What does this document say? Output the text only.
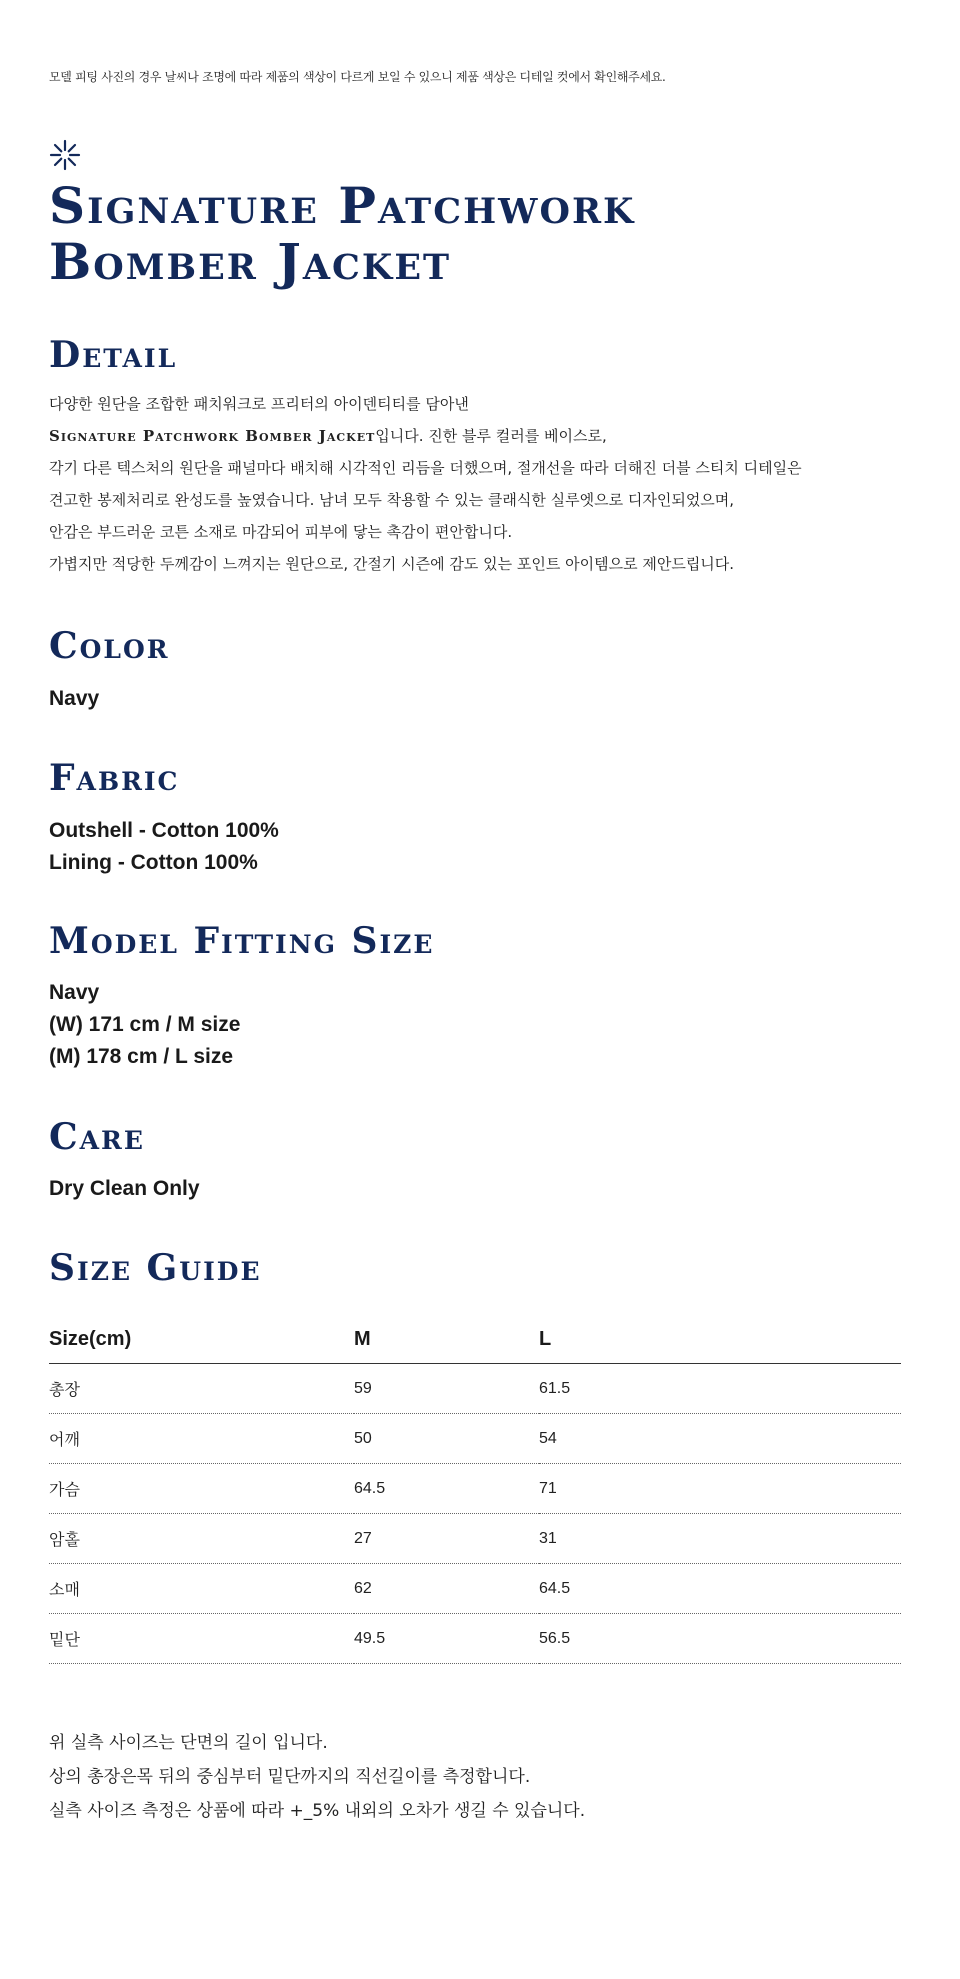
모델 피팅 사진의 경우 날씨나 조명에 따라 제품의 색상이 다르게 보일 수 있으니 제품 색상은 디테일 컷에서 확인해주세요.

Signature Patchwork
Bomber Jacket
Detail
다양한 원단을 조합한 패치워크로 프리터의 아이덴티티를 담아낸
Signature Patchwork Bomber Jacket입니다. 진한 블루 컬러를 베이스로,
각기 다른 텍스처의 원단을 패널마다 배치해 시각적인 리듬을 더했으며, 절개선을 따라 더해진 더블 스티치 디테일은
견고한 봉제처리로 완성도를 높였습니다. 남녀 모두 착용할 수 있는 클래식한 실루엣으로 디자인되었으며,
안감은 부드러운 코튼 소재로 마감되어 피부에 닿는 촉감이 편안합니다.
가볍지만 적당한 두께감이 느껴지는 원단으로, 간절기 시즌에 감도 있는 포인트 아이템으로 제안드립니다.
Color
Navy
Fabric
Outshell - Cotton 100%
Lining - Cotton 100%
Model Fitting Size
Navy
(W) 171 cm / M size
(M) 178 cm / L size
Care
Dry Clean Only
Size Guide
Size(cm)	M	L
총장	59	61.5
어깨	50	54
가슴	64.5	71
암홀	27	31
소매	62	64.5
밑단	49.5	56.5
위 실측 사이즈는 단면의 길이 입니다.
상의 총장은목 뒤의 중심부터 밑단까지의 직선길이를 측정합니다.
실측 사이즈 측정은 상품에 따라 +_5% 내외의 오차가 생길 수 있습니다.
